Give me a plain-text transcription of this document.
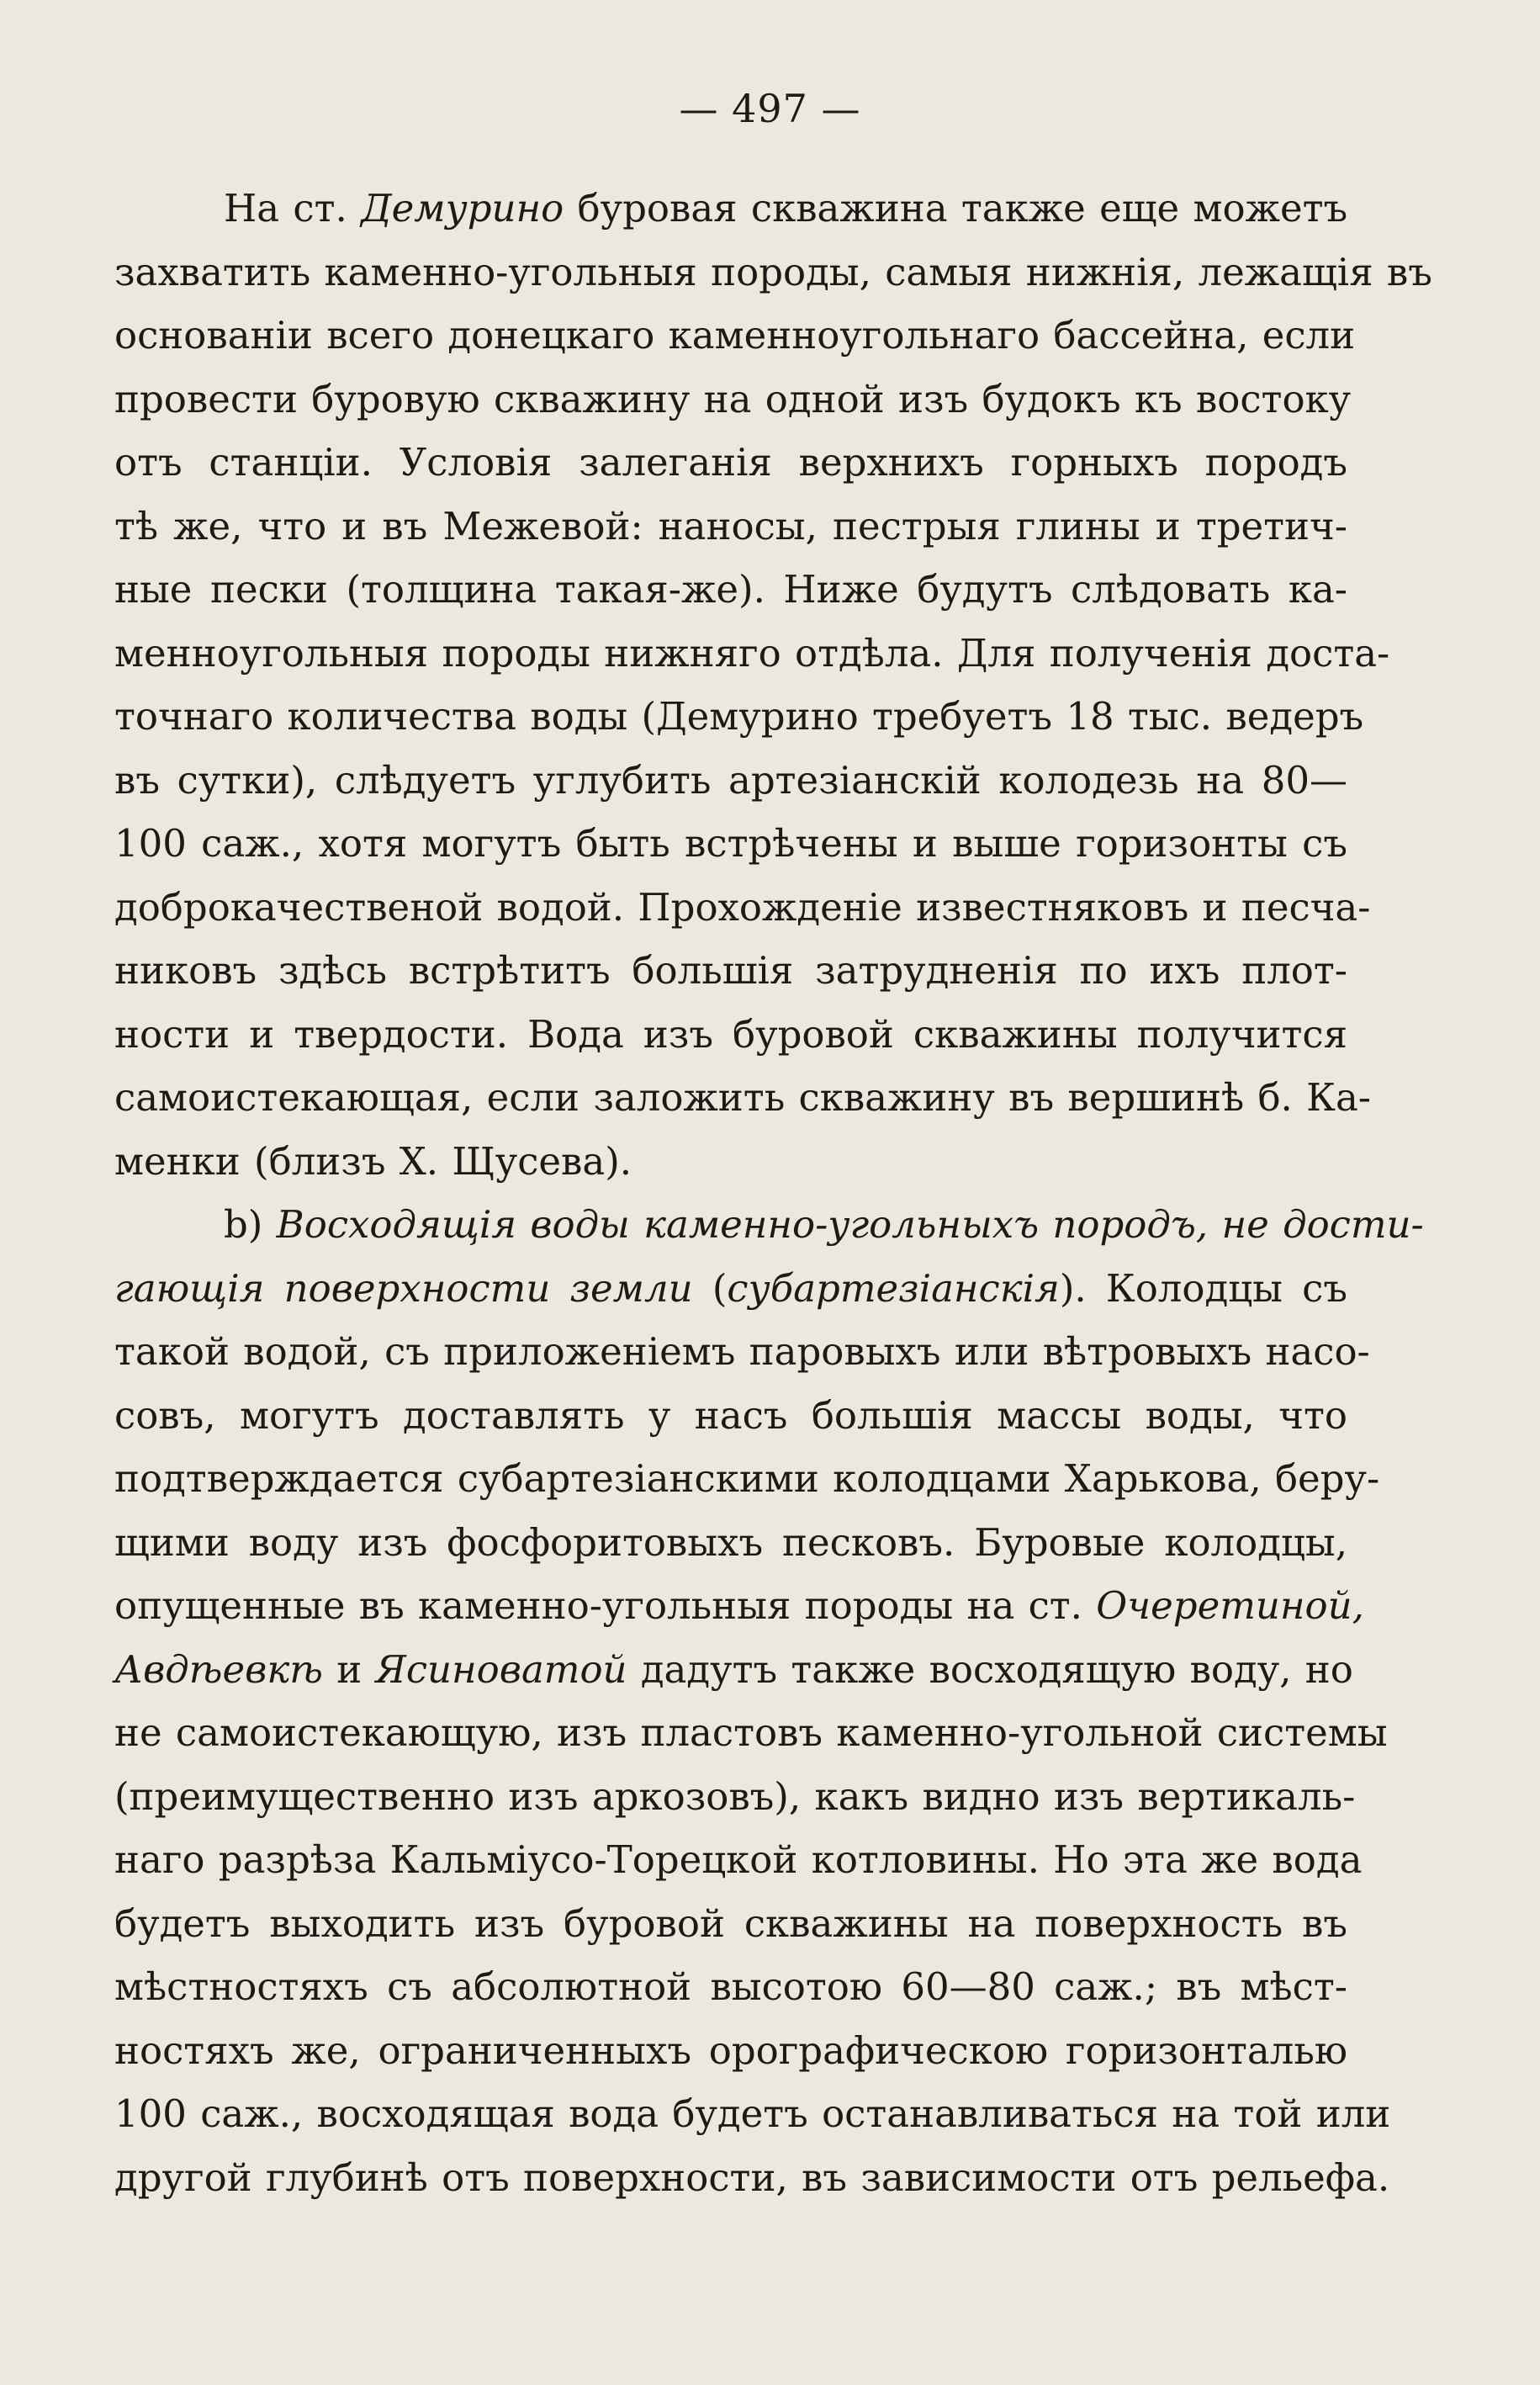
— 497 —
На ст. Демурино буровая скважина также еще можетъ
захватить каменно-угольныя породы, самыя нижнія, лежащія въ
основаніи всего донецкаго каменноугольнаго бассейна, если
провести буровую скважину на одной изъ будокъ къ востоку
отъ станціи. Условія залеганія верхнихъ горныхъ породъ
тѣ же, что и въ Межевой: наносы, пестрыя глины и третич-
ные пески (толщина такая-же). Ниже будутъ слѣдовать ка-
менноугольныя породы нижняго отдѣла. Для полученія доста-
точнаго количества воды (Демурино требуетъ 18 тыс. ведеръ
въ сутки), слѣдуетъ углубить артезіанскій колодезь на 80—
100 саж., хотя могутъ быть встрѣчены и выше горизонты съ
доброкачественой водой. Прохожденіе известняковъ и песча-
никовъ здѣсь встрѣтитъ большія затрудненія по ихъ плот-
ности и твердости. Вода изъ буровой скважины получится
самоистекающая, если заложить скважину въ вершинѣ б. Ка-
менки (близъ Х. Щусева).
b) Восходящія воды каменно-угольныхъ породъ, не дости-
гающія поверхности земли (субартезіанскія). Колодцы съ
такой водой, съ приложеніемъ паровыхъ или вѣтровыхъ насо-
совъ, могутъ доставлять у насъ большія массы воды, что
подтверждается субартезіанскими колодцами Харькова, беру-
щими воду изъ фосфоритовыхъ песковъ. Буровые колодцы,
опущенные въ каменно-угольныя породы на ст. Очеретиной,
Авдѣевкѣ и Ясиноватой дадутъ также восходящую воду, но
не самоистекающую, изъ пластовъ каменно-угольной системы
(преимущественно изъ аркозовъ), какъ видно изъ вертикаль-
наго разрѣза Кальміусо-Торецкой котловины. Но эта же вода
будетъ выходить изъ буровой скважины на поверхность въ
мѣстностяхъ съ абсолютной высотою 60—80 саж.; въ мѣст-
ностяхъ же, ограниченныхъ орографическою горизонталью
100 саж., восходящая вода будетъ останавливаться на той или
другой глубинѣ отъ поверхности, въ зависимости отъ рельефа.
